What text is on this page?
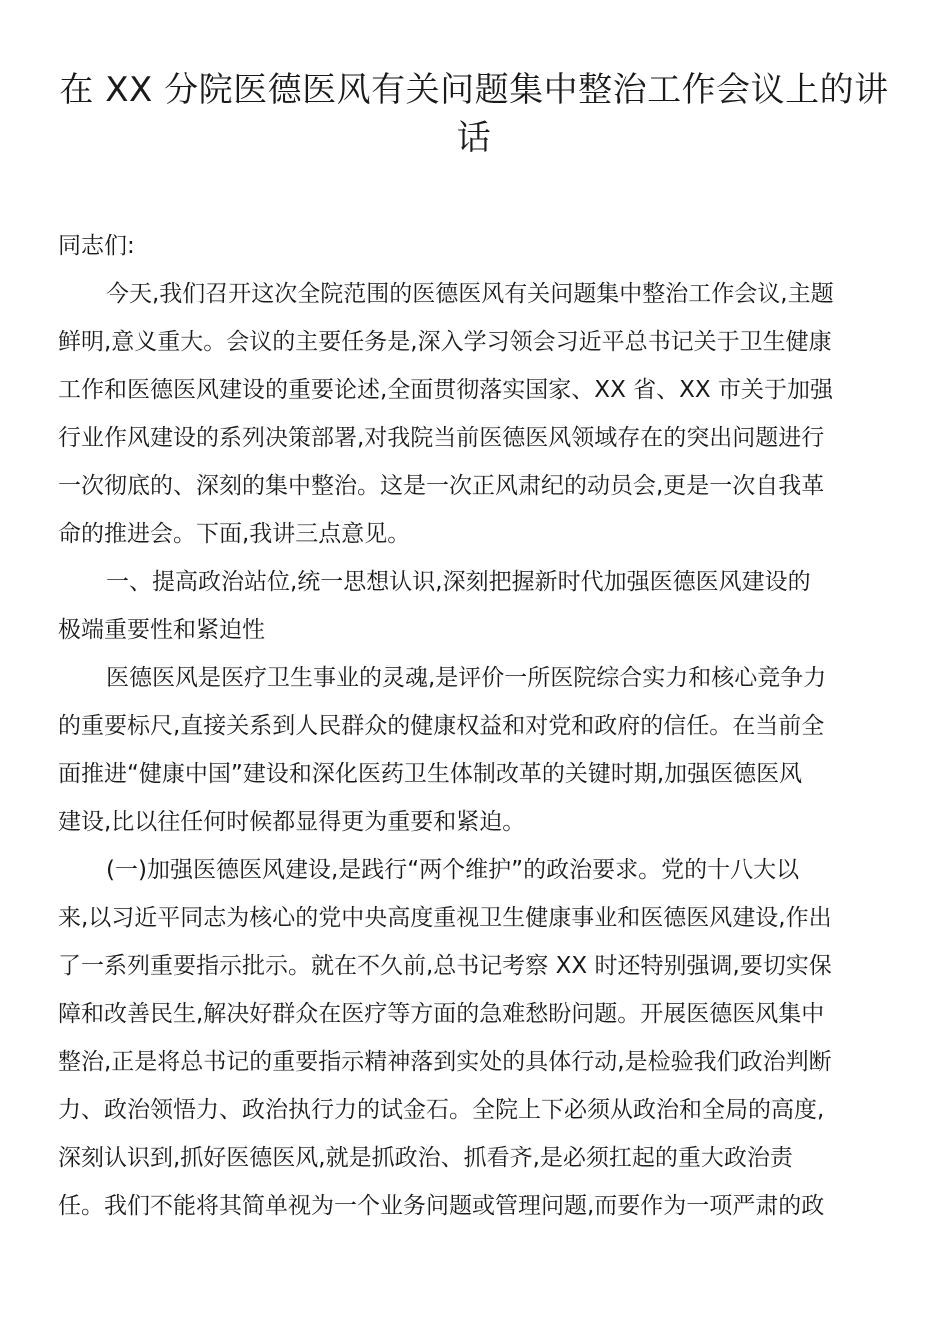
在 XX 分院医德医风有关问题集中整治工作会议上的讲
话
同志们:

今天,我们召开这次全院范围的医德医风有关问题集中整治工作会议,主题
鲜明,意义重大。会议的主要任务是,深入学习领会习近平总书记关于卫生健康
工作和医德医风建设的重要论述,全面贯彻落实国家、XX 省、XX 市关于加强
行业作风建设的系列决策部署,对我院当前医德医风领域存在的突出问题进行
一次彻底的、深刻的集中整治。这是一次正风肃纪的动员会,更是一次自我革
命的推进会。下面,我讲三点意见。

一、提高政治站位,统一思想认识,深刻把握新时代加强医德医风建设的
极端重要性和紧迫性

医德医风是医疗卫生事业的灵魂,是评价一所医院综合实力和核心竞争力
的重要标尺,直接关系到人民群众的健康权益和对党和政府的信任。在当前全
面推进“健康中国”建设和深化医药卫生体制改革的关键时期,加强医德医风
建设,比以往任何时候都显得更为重要和紧迫。

(一)加强医德医风建设,是践行“两个维护”的政治要求。党的十八大以
来,以习近平同志为核心的党中央高度重视卫生健康事业和医德医风建设,作出
了一系列重要指示批示。就在不久前,总书记考察 XX 时还特别强调,要切实保
障和改善民生,解决好群众在医疗等方面的急难愁盼问题。开展医德医风集中
整治,正是将总书记的重要指示精神落到实处的具体行动,是检验我们政治判断
力、政治领悟力、政治执行力的试金石。全院上下必须从政治和全局的高度,
深刻认识到,抓好医德医风,就是抓政治、抓看齐,是必须扛起的重大政治责
任。我们不能将其简单视为一个业务问题或管理问题,而要作为一项严肃的政
